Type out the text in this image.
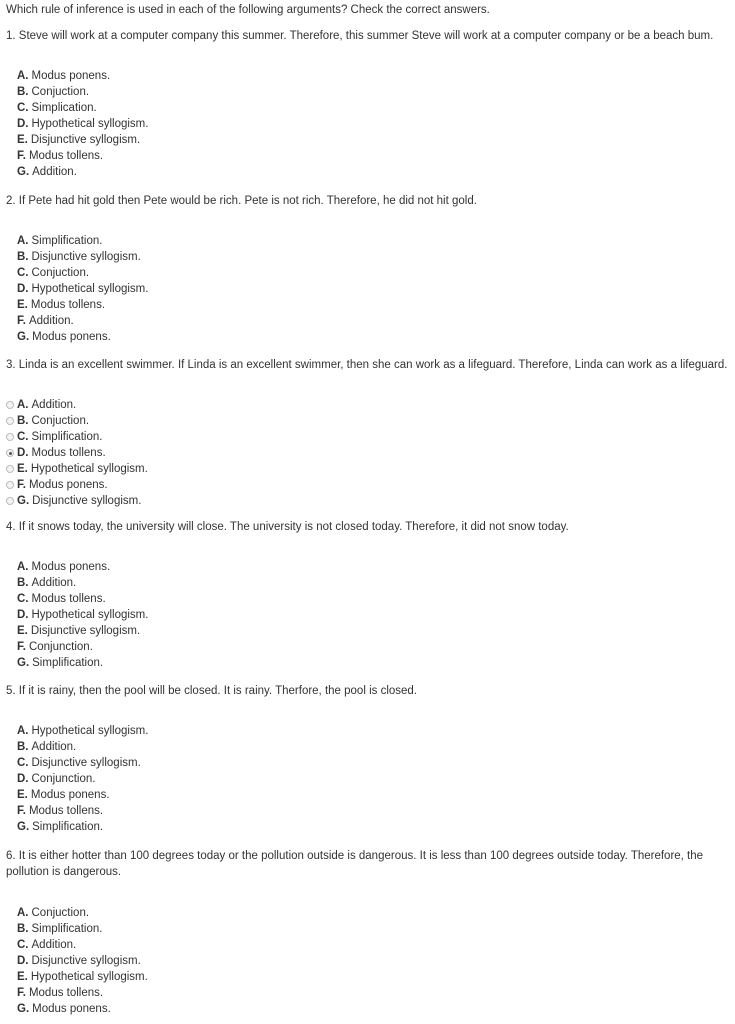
Which rule of inference is used in each of the following arguments? Check the correct answers.
1. Steve will work at a computer company this summer. Therefore, this summer Steve will work at a computer company or be a beach bum.
A. Modus ponens.
B. Conjuction.
C. Simplication.
D. Hypothetical syllogism.
E. Disjunctive syllogism.
F. Modus tollens.
G. Addition.
2. If Pete had hit gold then Pete would be rich. Pete is not rich. Therefore, he did not hit gold.
A. Simplification.
B. Disjunctive syllogism.
C. Conjuction.
D. Hypothetical syllogism.
E. Modus tollens.
F. Addition.
G. Modus ponens.
3. Linda is an excellent swimmer. If Linda is an excellent swimmer, then she can work as a lifeguard. Therefore, Linda can work as a lifeguard.
A. Addition.
B. Conjuction.
C. Simplification.
D. Modus tollens.
E. Hypothetical syllogism.
F. Modus ponens.
G. Disjunctive syllogism.
4. If it snows today, the university will close. The university is not closed today. Therefore, it did not snow today.
A. Modus ponens.
B. Addition.
C. Modus tollens.
D. Hypothetical syllogism.
E. Disjunctive syllogism.
F. Conjunction.
G. Simplification.
5. If it is rainy, then the pool will be closed. It is rainy. Therfore, the pool is closed.
A. Hypothetical syllogism.
B. Addition.
C. Disjunctive syllogism.
D. Conjunction.
E. Modus ponens.
F. Modus tollens.
G. Simplification.
6. It is either hotter than 100 degrees today or the pollution outside is dangerous. It is less than 100 degrees outside today. Therefore, the pollution is dangerous.
A. Conjuction.
B. Simplification.
C. Addition.
D. Disjunctive syllogism.
E. Hypothetical syllogism.
F. Modus tollens.
G. Modus ponens.
